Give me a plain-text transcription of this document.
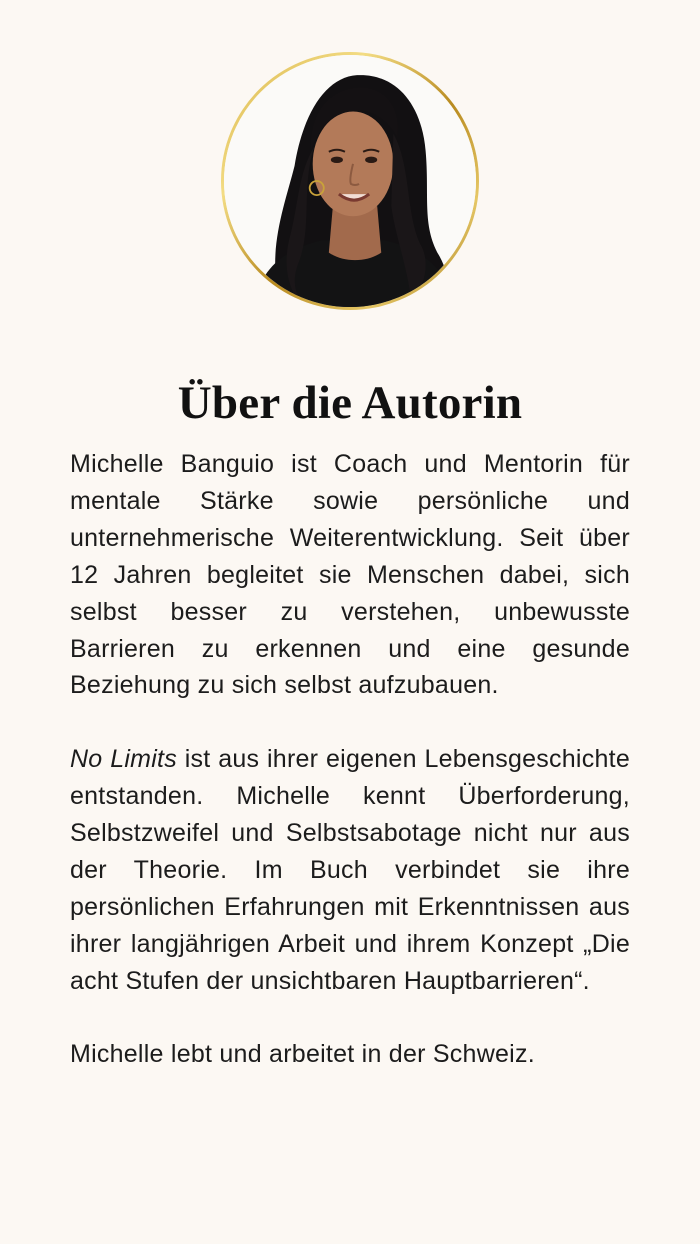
Über die Autorin

Michelle Banguio ist Coach und Mentorin für mentale Stärke sowie persönliche und unternehmerische Weiterentwicklung. Seit über 12 Jahren begleitet sie Menschen dabei, sich selbst besser zu verstehen, unbewusste Barrieren zu erkennen und eine gesunde Beziehung zu sich selbst aufzubauen.

No Limits ist aus ihrer eigenen Lebensgeschichte entstanden. Michelle kennt Überforderung, Selbstzweifel und Selbstsabotage nicht nur aus der Theorie. Im Buch verbindet sie ihre persönlichen Erfahrungen mit Erkenntnissen aus ihrer langjährigen Arbeit und ihrem Konzept „Die acht Stufen der unsichtbaren Hauptbarrieren“.

Michelle lebt und arbeitet in der Schweiz.
